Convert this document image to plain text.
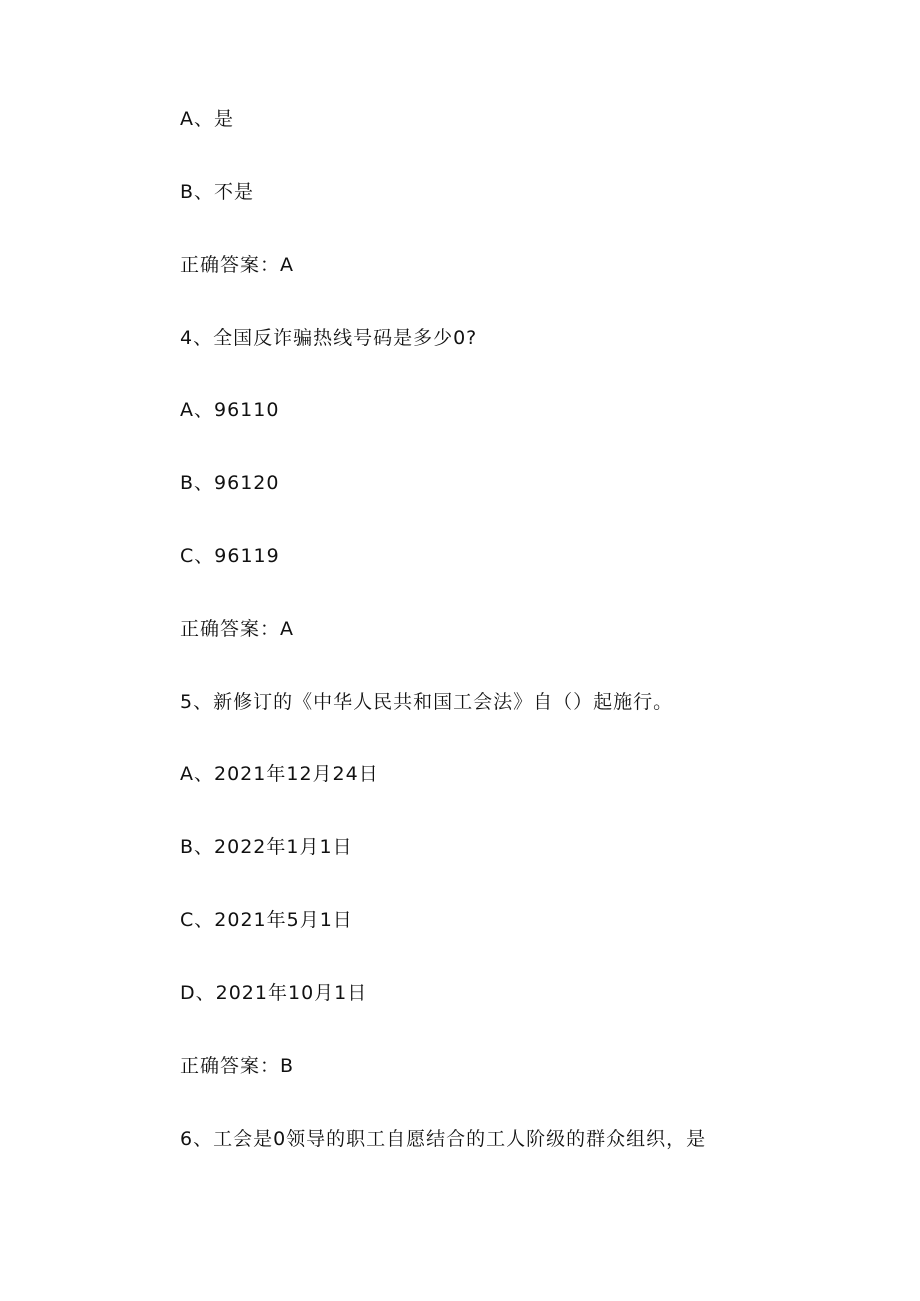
A、是
B、不是
正确答案：A
4、全国反诈骗热线号码是多少0?
A、96110
B、96120
C、96119
正确答案：A
5、新修订的《中华人民共和国工会法》自（）起施行。
A、2021年12月24日
B、2022年1月1日
C、2021年5月1日
D、2021年10月1日
正确答案：B
6、工会是0领导的职工自愿结合的工人阶级的群众组织，是
